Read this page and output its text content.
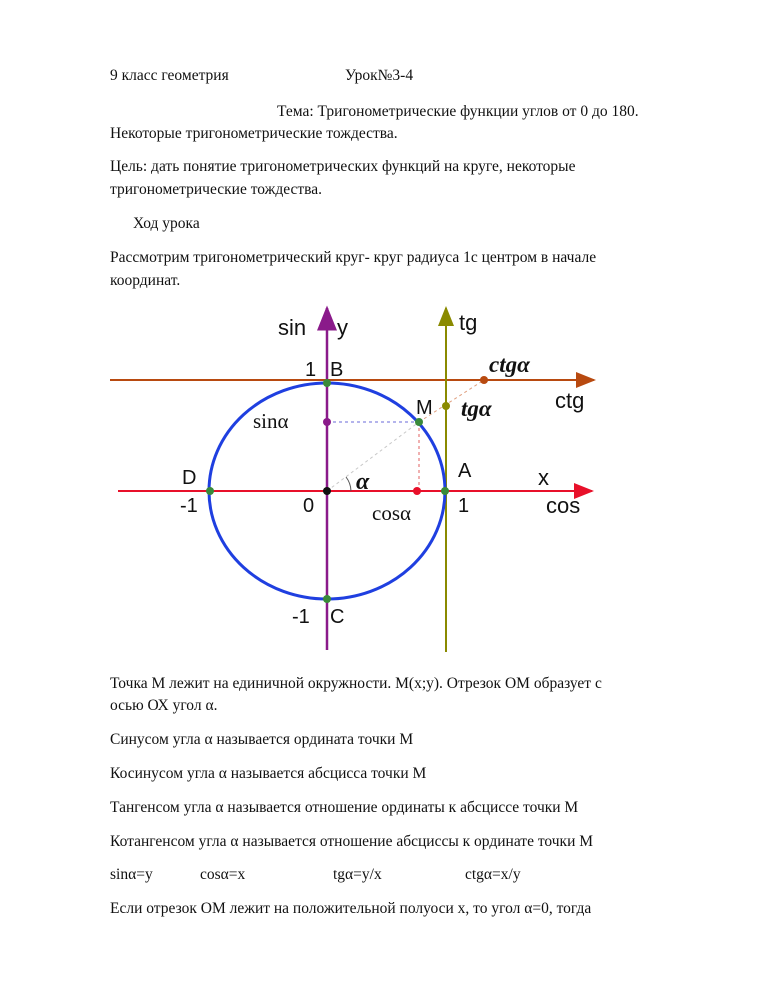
9 класс геометрия	Урок№3-4
Тема: Тригонометрические функции углов от 0 до 180.
Некоторые тригонометрические тождества.
Цель: дать понятие тригонометрических функций на круге, некоторые
тригонометрические тождества.
Ход урока
Рассмотрим тригонометрический круг- круг радиуса 1с центром в начале
координат.
sin y	tg
ctg
x
cos
1 B
M
A
D
-1	0	1
-1 C
ctgα
tgα
sinα
α
cosα
Точка М лежит на единичной окружности. М(х;у). Отрезок ОМ образует с
осью ОХ угол α.
Синусом угла α называется ордината точки М
Косинусом угла α называется абсцисса точки М
Тангенсом угла α называется отношение ординаты к абсциссе точки М
Котангенсом угла α называется отношение абсциссы к ординате точки М
sinα=у	cosα=x	tgα=у/x	ctgα=x/у
Если отрезок ОМ лежит на положительной полуоси х, то угол α=0, тогда
